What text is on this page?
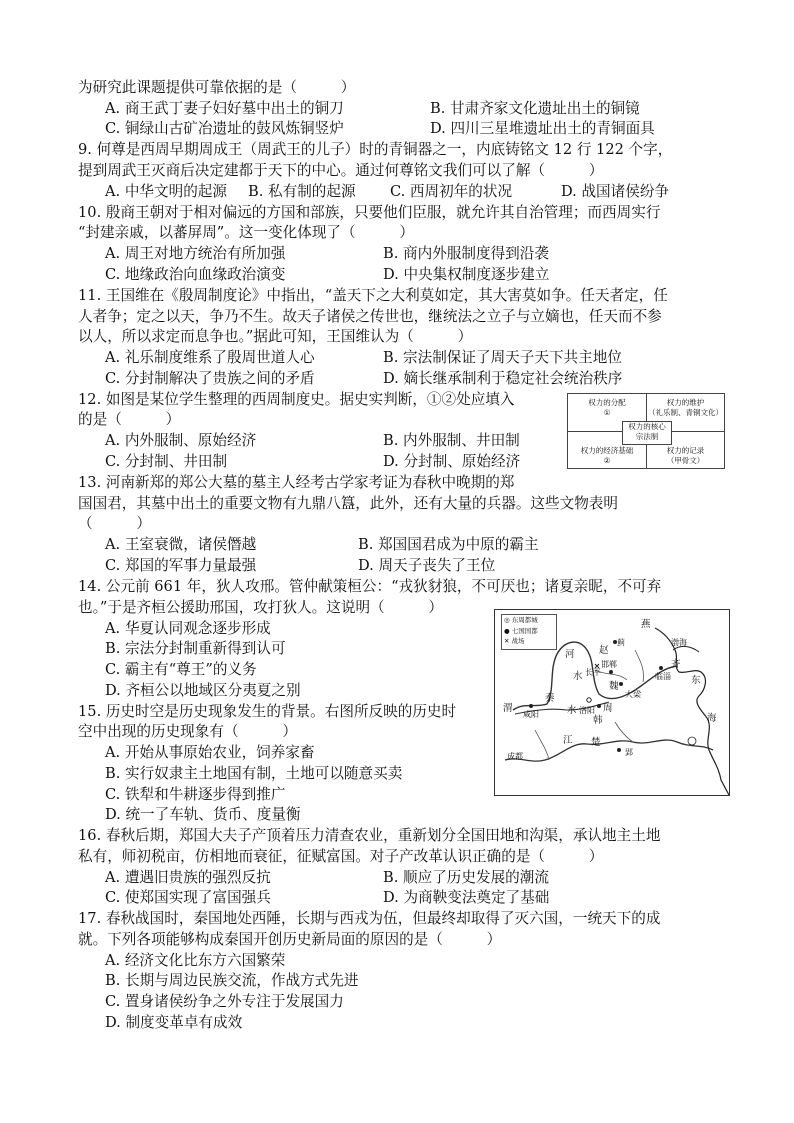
为研究此课题提供可靠依据的是（　　　）
A. 商王武丁妻子妇好墓中出土的铜刀	B. 甘肃齐家文化遗址出土的铜镜
C. 铜绿山古矿冶遗址的鼓风炼铜竖炉	D. 四川三星堆遗址出土的青铜面具
9. 何尊是西周早期周成王（周武王的儿子）时的青铜器之一，内底铸铭文 12 行 122 个字，
提到周武王灭商后决定建都于天下的中心。通过何尊铭文我们可以了解（　　　）
A. 中华文明的起源 B. 私有制的起源 C. 西周初年的状况	D. 战国诸侯纷争
10. 殷商王朝对于相对偏远的方国和部族，只要他们臣服，就允许其自治管理；而西周实行
“封建亲戚，以蕃屏周”。这一变化体现了（　　　）
A. 周王对地方统治有所加强	B. 商内外服制度得到沿袭
C. 地缘政治向血缘政治演变	D. 中央集权制度逐步建立
11. 王国维在《殷周制度论》中指出，“盖天下之大利莫如定，其大害莫如争。任天者定，任
人者争；定之以天，争乃不生。故天子诸侯之传世也，继统法之立子与立嫡也，任天而不参
以人，所以求定而息争也。”据此可知，王国维认为（　　　）
A. 礼乐制度维系了殷周世道人心	B. 宗法制保证了周天子天下共主地位
C. 分封制解决了贵族之间的矛盾	D. 嫡长继承制利于稳定社会统治秩序
12. 如图是某位学生整理的西周制度史。据史实判断，①②处应填入
的是（　　　）
A. 内外服制、原始经济	B. 内外服制、井田制
C. 分封制、井田制	D. 分封制、原始经济
权力的分配
①
权力的维护
（礼乐制、青铜文化）
权力的经济基础
②
权力的记录
（甲骨文）
权力的核心
宗法制
13. 河南新郑的郑公大墓的墓主人经考古学家考证为春秋中晚期的郑
国国君，其墓中出土的重要文物有九鼎八簋，此外，还有大量的兵器。这些文物表明
（　　　）
A. 王室衰微，诸侯僭越	B. 郑国国君成为中原的霸主
C. 郑国的军事力量最强	D. 周天子丧失了王位
14. 公元前 661 年，狄人攻邢。管仲献策桓公：“戎狄豺狼，不可厌也；诸夏亲昵，不可弃
也。”于是齐桓公援助邢国，攻打狄人。这说明（　　　）
A. 华夏认同观念逐步形成
B. 宗法分封制重新得到认可
C. 霸主有“尊王”的义务
D. 齐桓公以地域区分夷夏之别
15. 历史时空是历史现象发生的背景。右图所反映的历史时
空中出现的历史现象有（　　　）
A. 开始从事原始农业，饲养家畜
B. 实行奴隶主土地国有制，土地可以随意买卖
C. 铁犁和牛耕逐步得到推广
D. 统一了车轨、货币、度量衡
◎ 东周都城
● 七国国都
✕ 战场
燕
蓟	渤海
赵
邯郸
河
长平
齐
临淄 东
水
魏
大梁
秦
咸阳
渭	水 洛阳 周
韩	海
成都
江 楚
郢
16. 春秋后期，郑国大夫子产顶着压力清查农业，重新划分全国田地和沟渠，承认地主土地
私有，师初税亩，仿相地而衰征，征赋富国。对子产改革认识正确的是（　　　）
A. 遭遇旧贵族的强烈反抗	B. 顺应了历史发展的潮流
C. 使郑国实现了富国强兵	D. 为商鞅变法奠定了基础
17. 春秋战国时，秦国地处西陲，长期与西戎为伍，但最终却取得了灭六国，一统天下的成
就。下列各项能够构成秦国开创历史新局面的原因的是（　　　）
A. 经济文化比东方六国繁荣
B. 长期与周边民族交流，作战方式先进
C. 置身诸侯纷争之外专注于发展国力
D. 制度变革卓有成效
